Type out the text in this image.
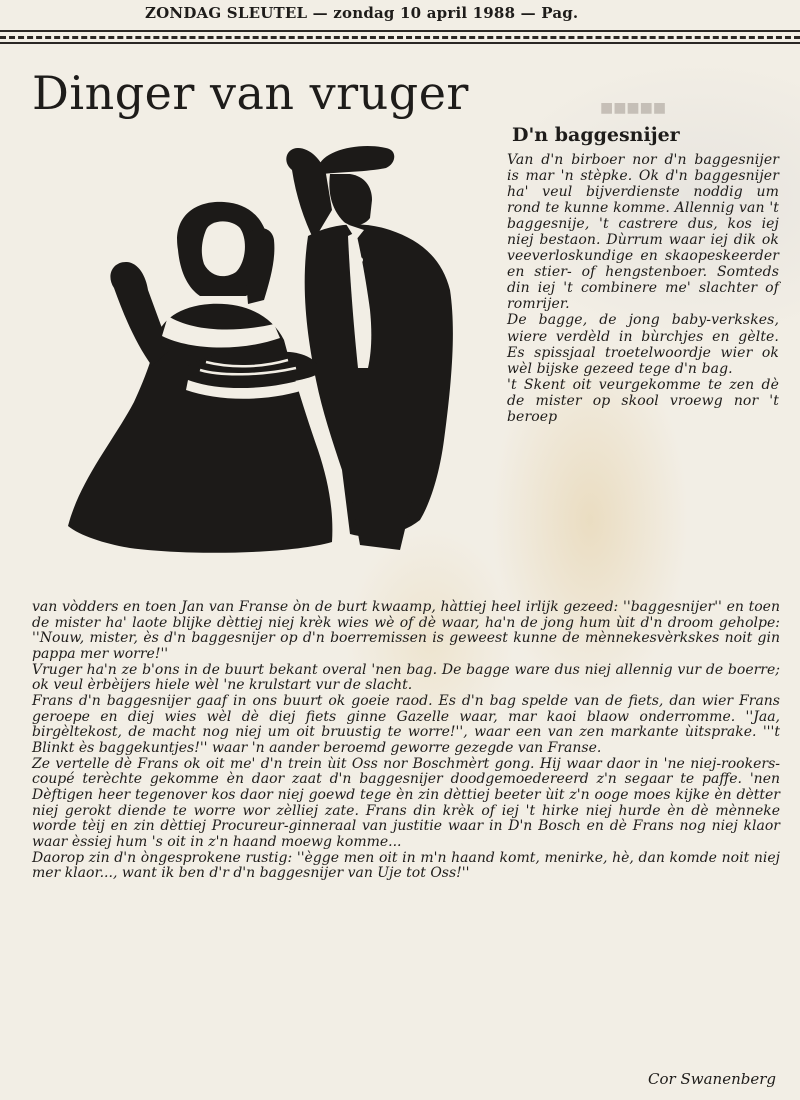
■■■■■
ZONDAG SLEUTEL — zondag 10 april 1988 — Pag.
Dinger van vruger
D'n baggesnijer

Van d'n birboer nor d'n baggesnijer is mar 'n stèpke. Ok d'n baggesnijer ha' veul bijverdienste noddig um rond te kunne komme. Allennig van 't baggesnije, 't castrere dus, kos iej niej bestaon. Dùrrum waar iej dik ok veeverloskundige en skaopeskeerder en stier- of hengstenboer. Somteds din iej 't combinere me' slachter of romrijer.

De bagge, de jong baby-verkskes, wiere verdèld in bùrchjes en gèlte. Es spissjaal troetelwoordje wier ok wèl bijske gezeed tege d'n bag.

't Skent oit veurgekomme te zen dè de mister op skool vroewg nor 't beroep

van vòdders en toen Jan van Franse òn de burt kwaamp, hàttiej heel irlijk gezeed: ''baggesnijer'' en toen de mister ha' laote blijke dèttiej niej krèk wies wè of dè waar, ha'n de jong hum ùit d'n droom geholpe: ''Nouw, mister, ès d'n baggesnijer op d'n boerremissen is geweest kunne de mènnekesvèrkskes noit gin pappa mer worre!''

Vruger ha'n ze b'ons in de buurt bekant overal 'nen bag. De bagge ware dus niej allennig vur de boerre; ok veul èrbèijers hiele wèl 'ne krulstart vur de slacht.

Frans d'n baggesnijer gaaf in ons buurt ok goeie raod. Es d'n bag spelde van de fiets, dan wier Frans geroepe en diej wies wèl dè diej fiets ginne Gazelle waar, mar kaoi blaow onderromme. ''Jaa, birgèltekost, de macht nog niej um oit bruustig te worre!'', waar een van zen markante ùitsprake. '''t Blinkt ès baggekuntjes!'' waar 'n aander beroemd geworre gezegde van Franse.

Ze vertelle dè Frans ok oit me' d'n trein ùit Oss nor Boschmèrt gong. Hij waar daor in 'ne niej-rookers-coupé terèchte gekomme èn daor zaat d'n baggesnijer doodgemoedereerd z'n segaar te paffe. 'nen Dèftigen heer tegenover kos daor niej goewd tege èn zin dèttiej beeter ùit z'n ooge moes kijke èn dètter niej gerokt diende te worre wor zèlliej zate. Frans din krèk of iej 't hirke niej hurde èn dè mènneke worde tèij en zin dèttiej Procureur-ginneraal van justitie waar in D'n Bosch en dè Frans nog niej klaor waar èssiej hum 's oit in z'n haand moewg komme...

Daorop zin d'n òngesprokene rustig: ''ègge men oit in m'n haand komt, menirke, hè, dan komde noit niej mer klaor..., want ik ben d'r d'n baggesnijer van Uje tot Oss!''

Cor Swanenberg
